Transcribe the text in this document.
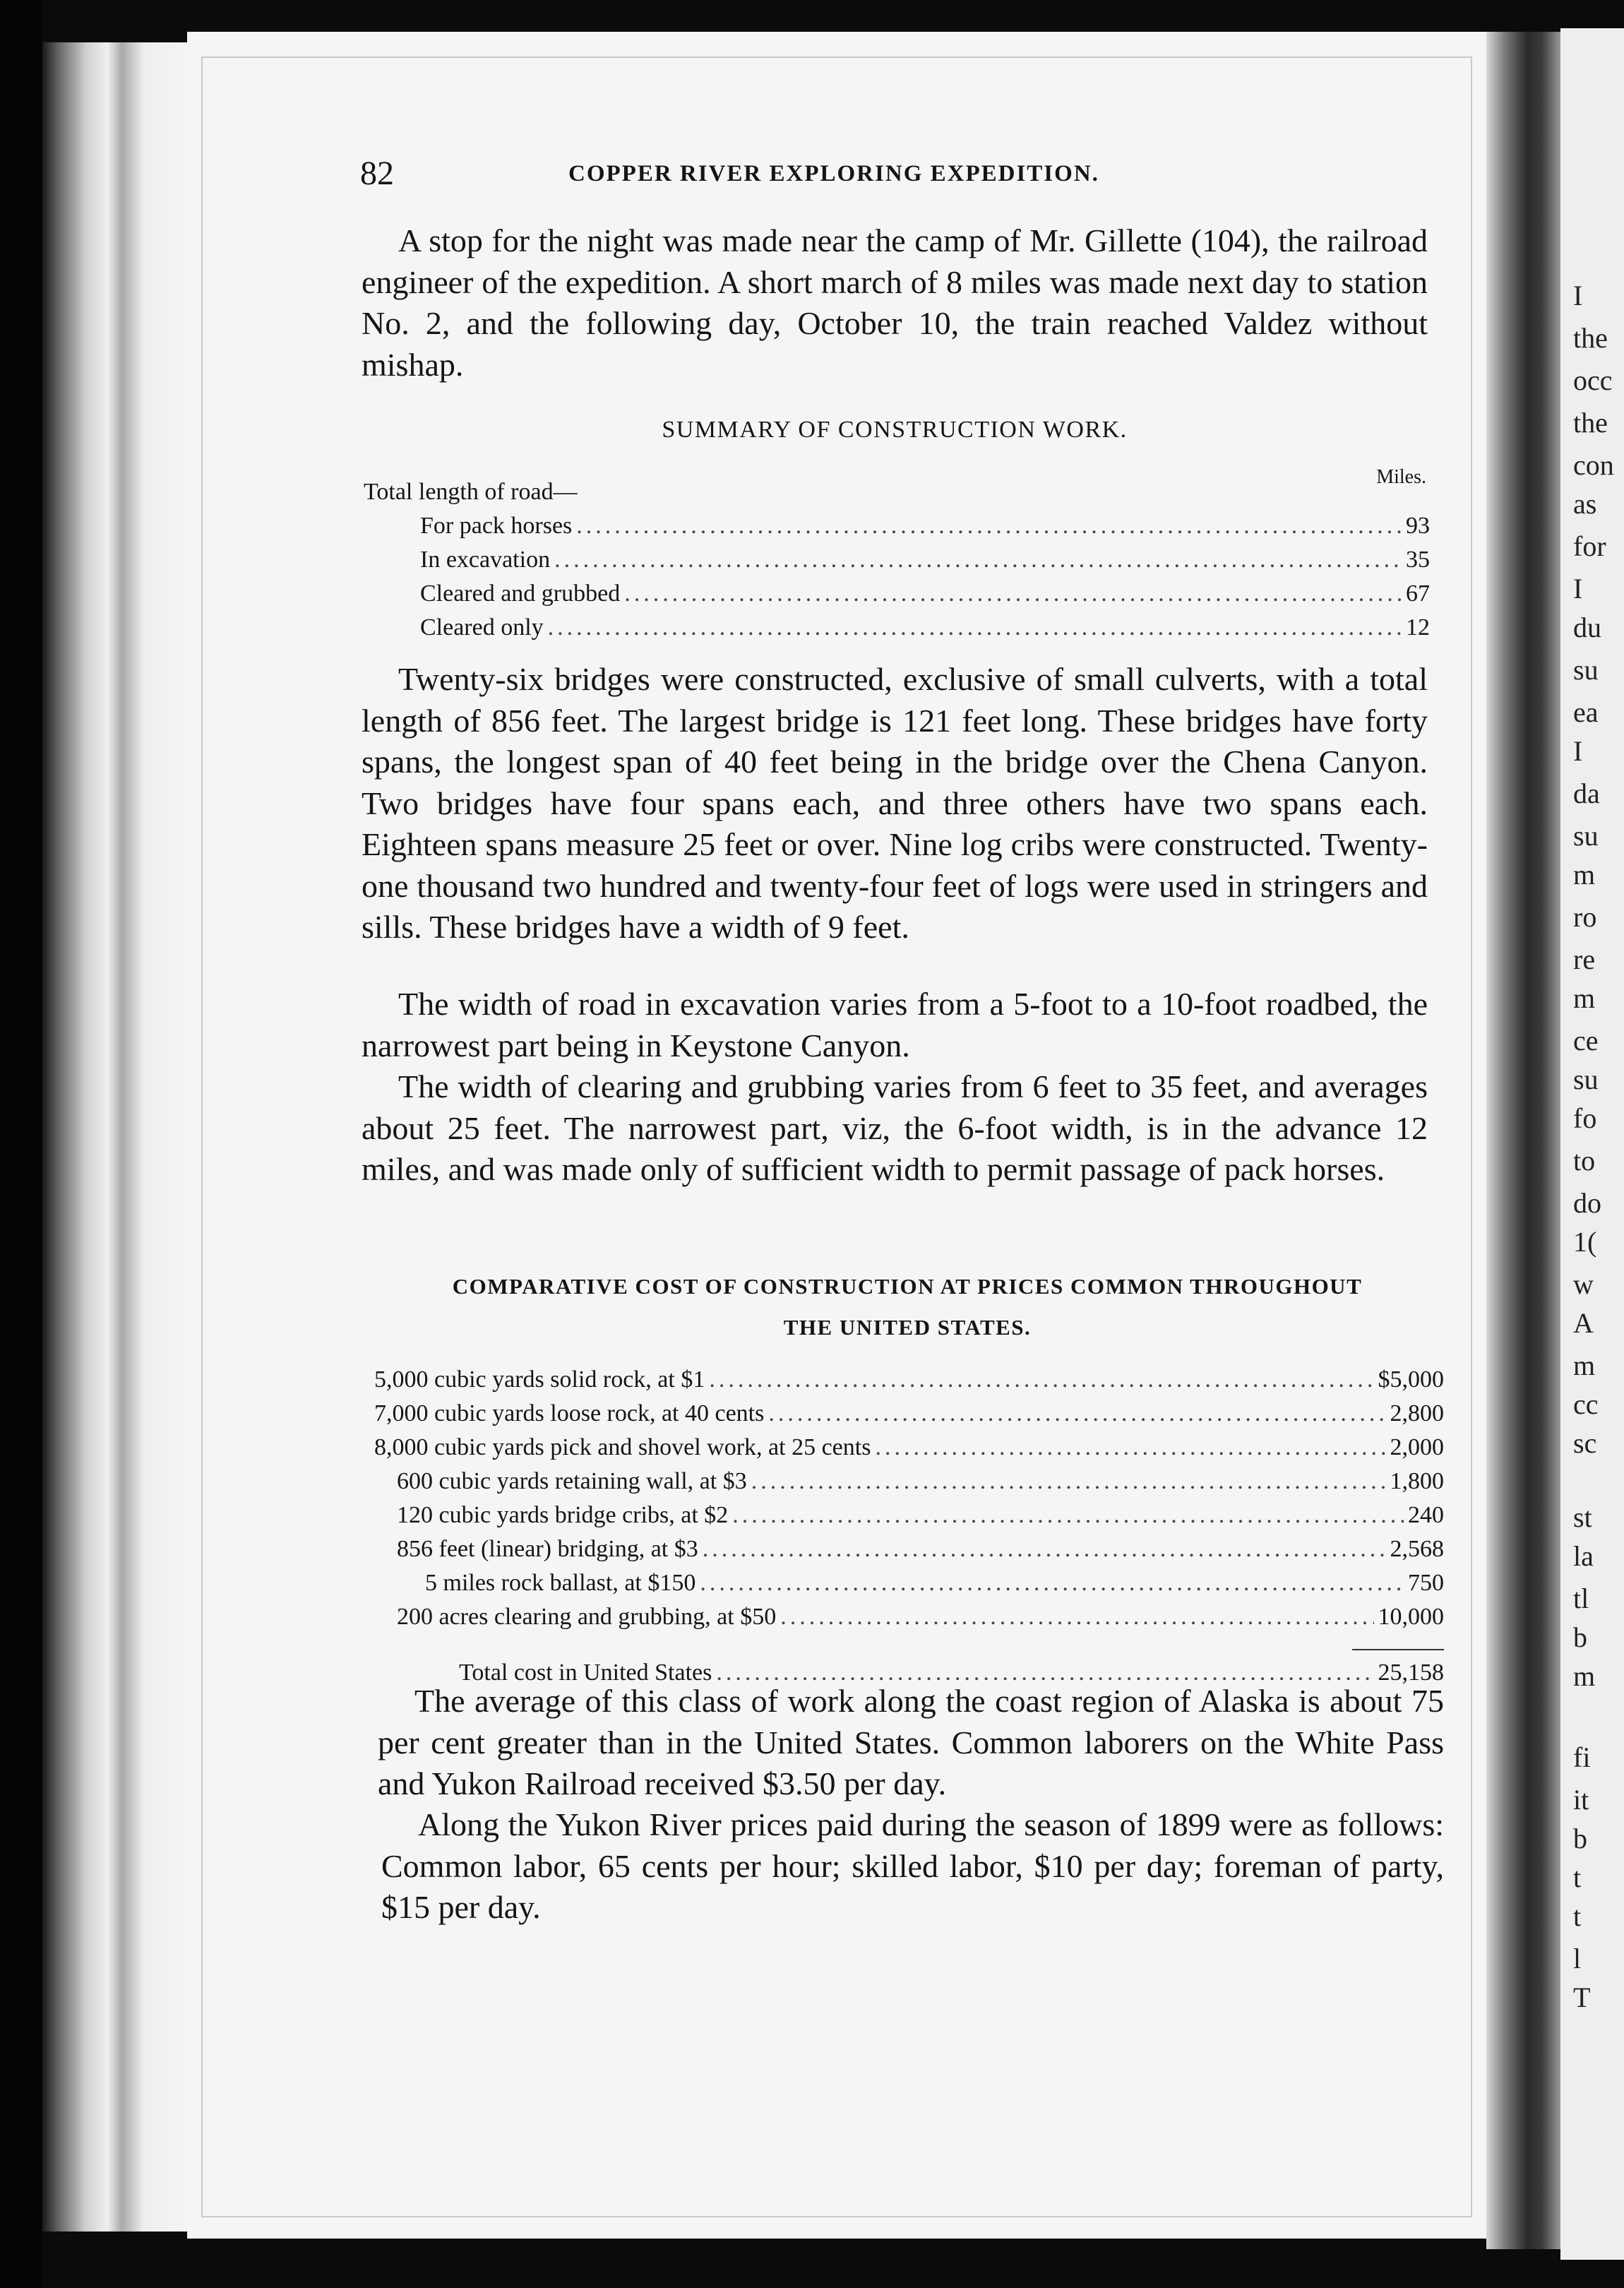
I
the
occ
the
con
as
for
I
du
su
ea
I
da
su
m
ro
re
m
ce
su
fo
to
do
1(
w
A
m
cc
sc
st
la
tl
b
m
fi
it
b
t
t
l
T
82	COPPER RIVER EXPLORING EXPEDITION.

A stop for the night was made near the camp of Mr. Gillette (104), the railroad engineer of the expedition. A short march of 8 miles was made next day to station No. 2, and the following day, October 10, the train reached Valdez without mishap.

SUMMARY OF CONSTRUCTION WORK.

Miles.
Total length of road—
For pack horses .....	93
In excavation .....	35
Cleared and grubbed .....	67
Cleared only .....	12

Twenty-six bridges were constructed, exclusive of small culverts, with a total length of 856 feet. The largest bridge is 121 feet long. These bridges have forty spans, the longest span of 40 feet being in the bridge over the Chena Canyon. Two bridges have four spans each, and three others have two spans each. Eighteen spans measure 25 feet or over. Nine log cribs were constructed. Twenty-one thousand two hundred and twenty-four feet of logs were used in stringers and sills. These bridges have a width of 9 feet.

The width of road in excavation varies from a 5-foot to a 10-foot roadbed, the narrowest part being in Keystone Canyon.

The width of clearing and grubbing varies from 6 feet to 35 feet, and averages about 25 feet. The narrowest part, viz, the 6-foot width, is in the advance 12 miles, and was made only of sufficient width to permit passage of pack horses.

COMPARATIVE COST OF CONSTRUCTION AT PRICES COMMON THROUGHOUT
THE UNITED STATES.

5,000 cubic yards solid rock, at $1 .....	$5,000
7,000 cubic yards loose rock, at 40 cents .....	2,800
8,000 cubic yards pick and shovel work, at 25 cents .....	2,000
600 cubic yards retaining wall, at $3 .....	1,800
120 cubic yards bridge cribs, at $2 .....	240
856 feet (linear) bridging, at $3 .....	2,568
5 miles rock ballast, at $150 .....	750
200 acres clearing and grubbing, at $50 .....	10,000
Total cost in United States .....	25,158

The average of this class of work along the coast region of Alaska is about 75 per cent greater than in the United States. Common laborers on the White Pass and Yukon Railroad received $3.50 per day.

Along the Yukon River prices paid during the season of 1899 were as follows: Common labor, 65 cents per hour; skilled labor, $10 per day; foreman of party, $15 per day.
